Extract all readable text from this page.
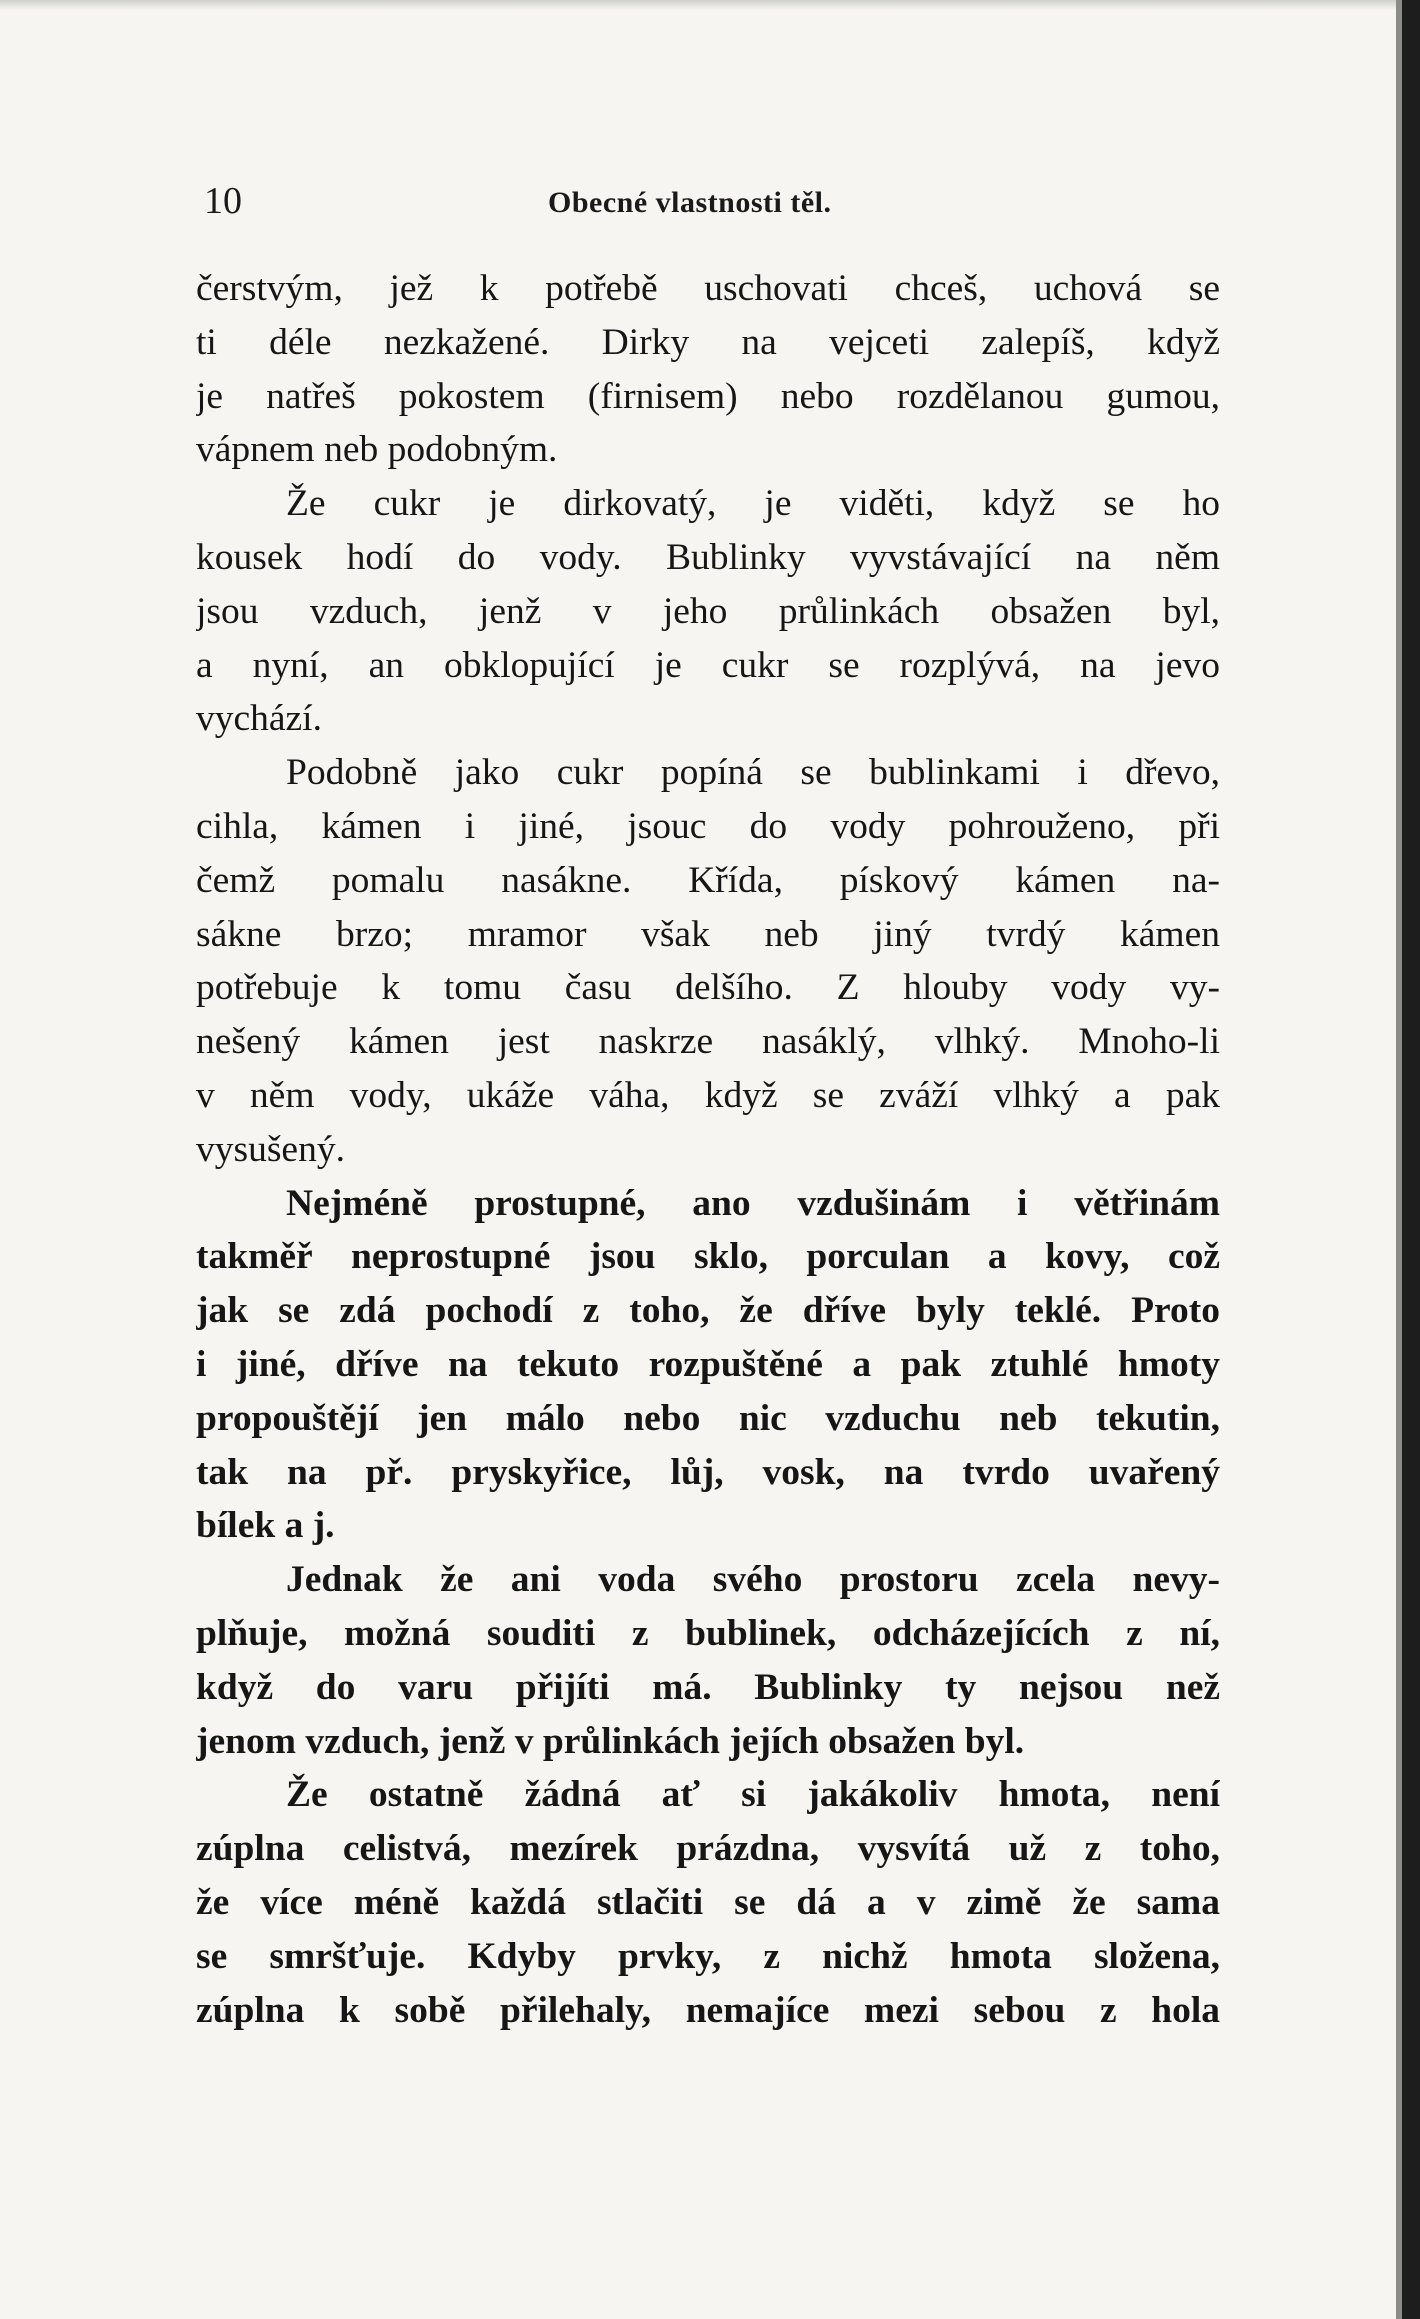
10	Obecné vlastnosti těl.
čerstvým, jež k potřebě uschovati chceš, uchová se
ti déle nezkažené. Dirky na vejceti zalepíš, když
je natřeš pokostem (firnisem) nebo rozdělanou gumou,
vápnem neb podobným.
Že cukr je dirkovatý, je viděti, když se ho
kousek hodí do vody. Bublinky vyvstávající na něm
jsou vzduch, jenž v jeho průlinkách obsažen byl,
a nyní, an obklopující je cukr se rozplývá, na jevo
vychází.
Podobně jako cukr popíná se bublinkami i dřevo,
cihla, kámen i jiné, jsouc do vody pohrouženo, při
čemž pomalu nasákne. Křída, pískový kámen na-
sákne brzo; mramor však neb jiný tvrdý kámen
potřebuje k tomu času delšího. Z hlouby vody vy-
nešený kámen jest naskrze nasáklý, vlhký. Mnoho-li
v něm vody, ukáže váha, když se zváží vlhký a pak
vysušený.
Nejméně prostupné, ano vzdušinám i větřinám
takměř neprostupné jsou sklo, porculan a kovy, což
jak se zdá pochodí z toho, že dříve byly teklé. Proto
i jiné, dříve na tekuto rozpuštěné a pak ztuhlé hmoty
propouštějí jen málo nebo nic vzduchu neb tekutin,
tak na př. pryskyřice, lůj, vosk, na tvrdo uvařený
bílek a j.
Jednak že ani voda svého prostoru zcela nevy-
plňuje, možná souditi z bublinek, odcházejících z ní,
když do varu přijíti má. Bublinky ty nejsou než
jenom vzduch, jenž v průlinkách jejích obsažen byl.
Že ostatně žádná ať si jakákoliv hmota, není
zúplna celistvá, mezírek prázdna, vysvítá už z toho,
že více méně každá stlačiti se dá a v zimě že sama
se smršťuje. Kdyby prvky, z nichž hmota složena,
zúplna k sobě přilehaly, nemajíce mezi sebou z hola
